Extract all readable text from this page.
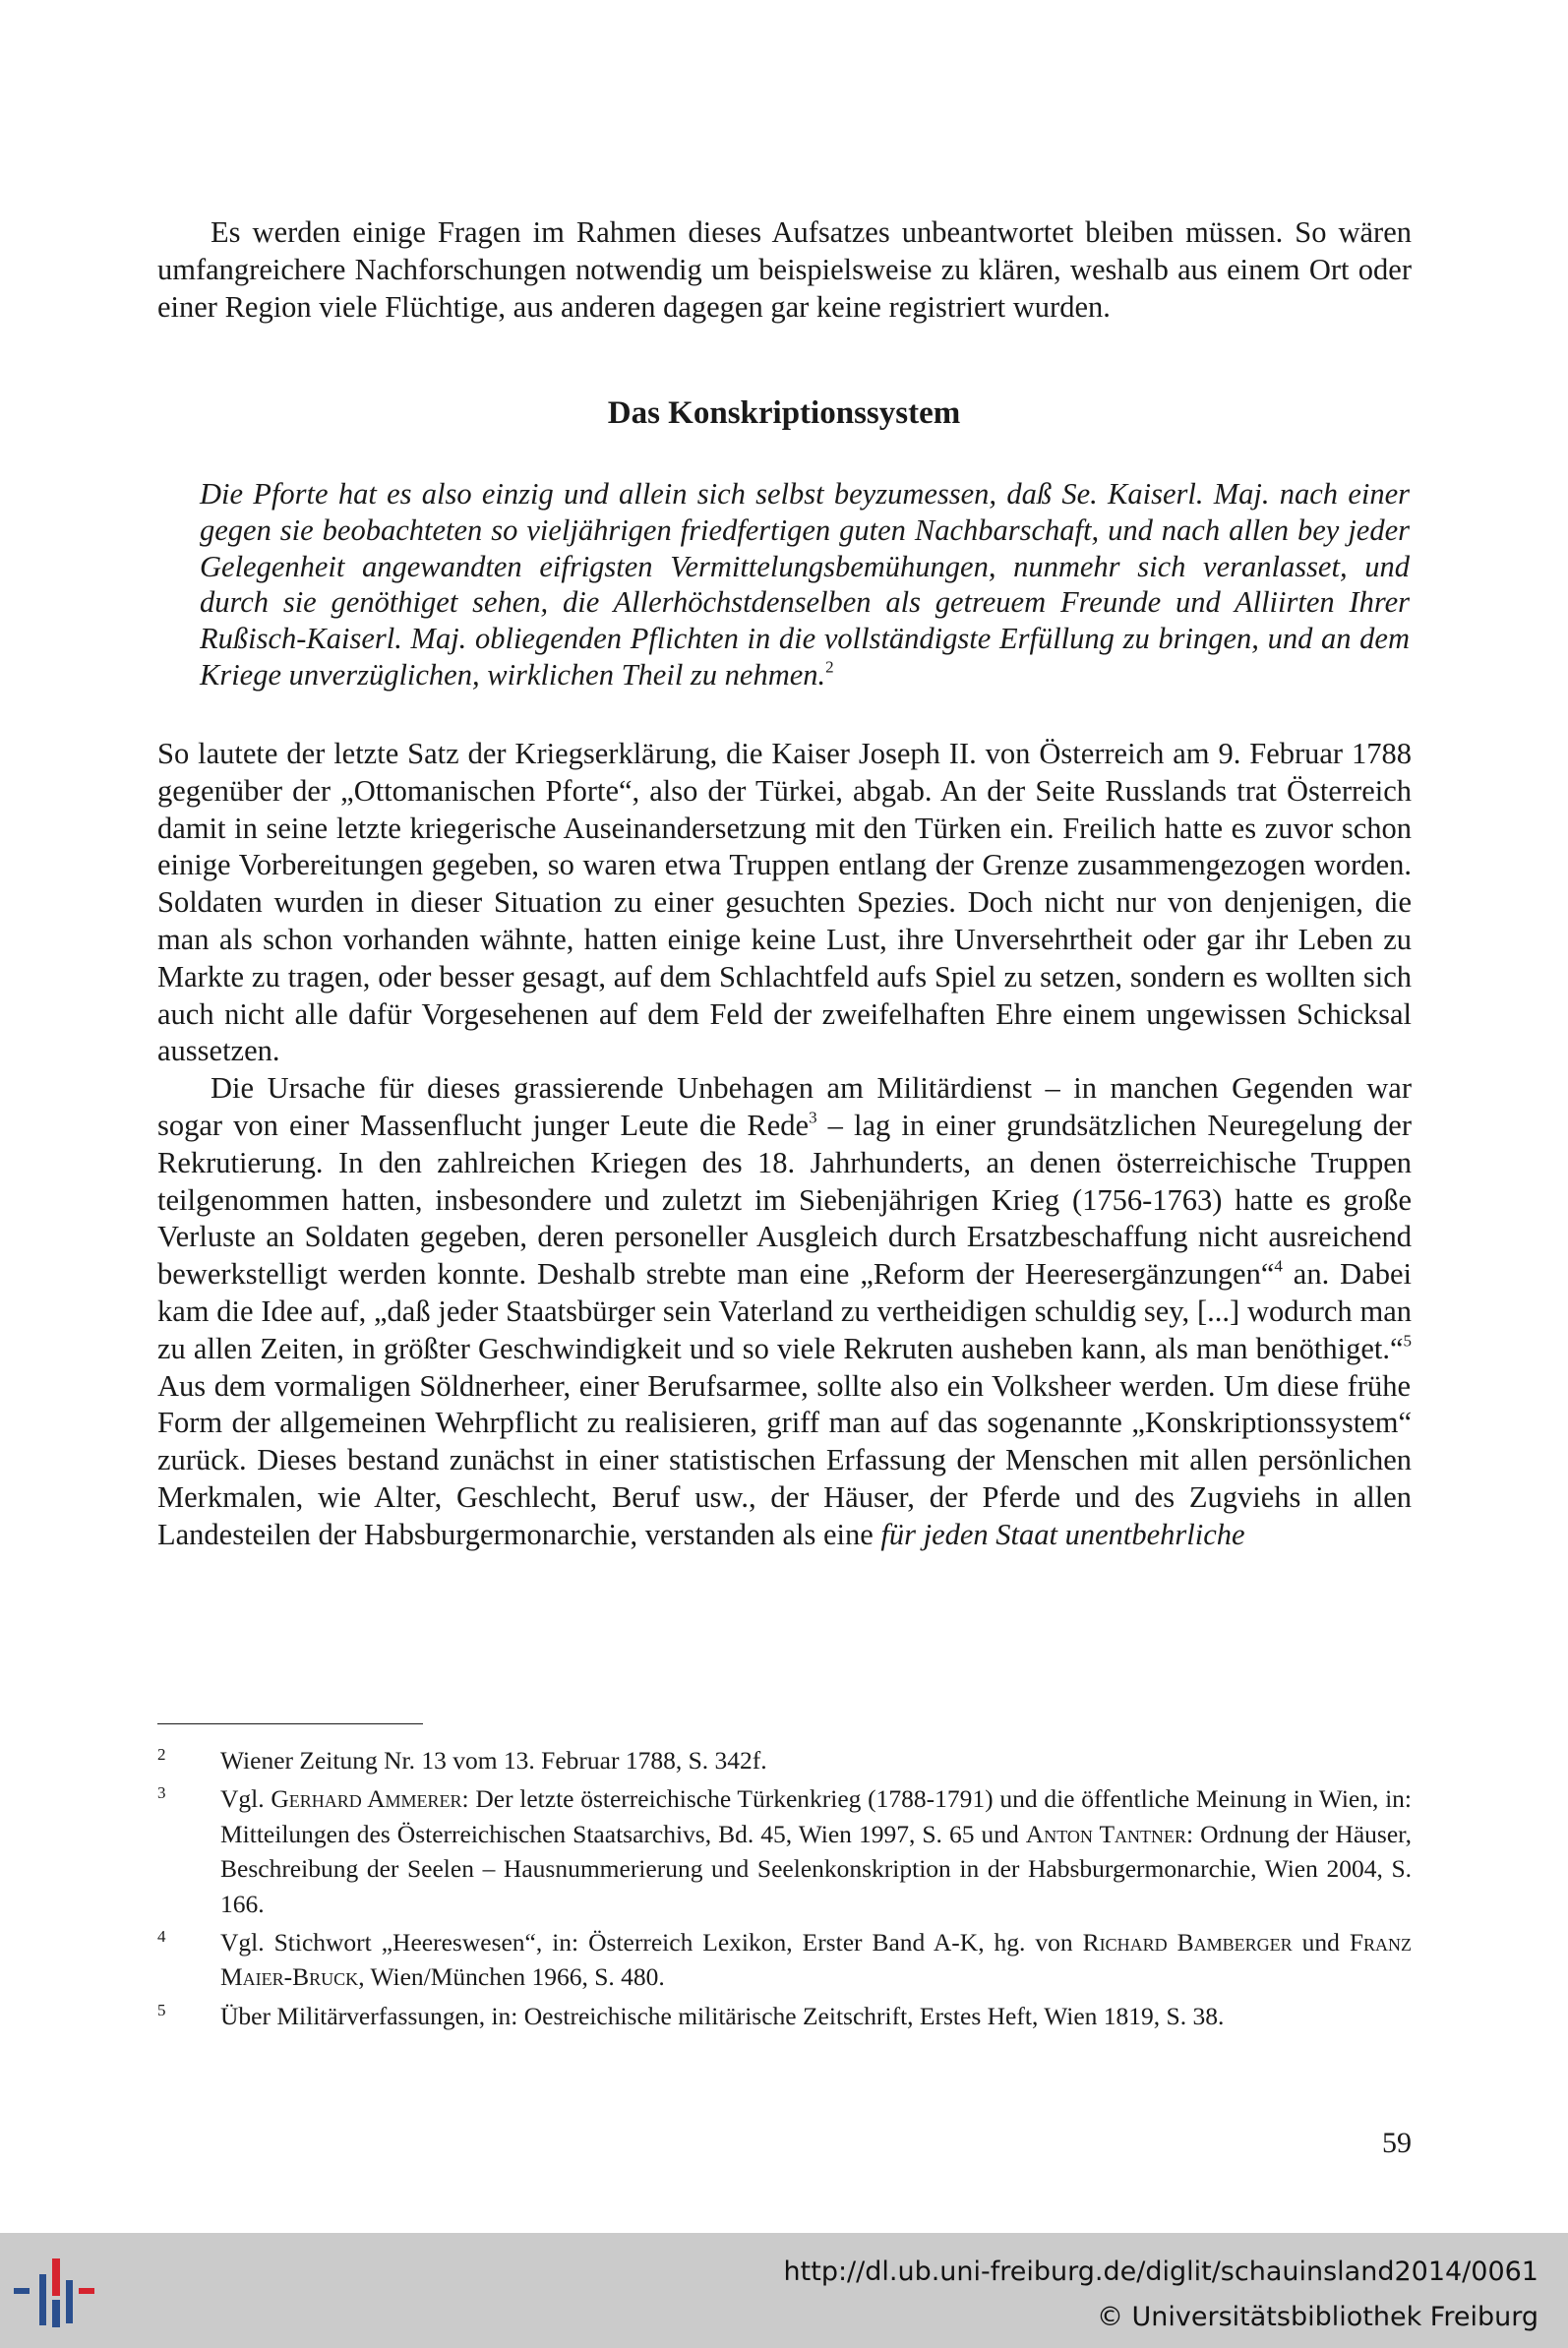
Es werden einige Fragen im Rahmen dieses Aufsatzes unbeantwortet bleiben müssen. So wären umfangreichere Nachforschungen notwendig um beispielsweise zu klären, weshalb aus einem Ort oder einer Region viele Flüchtige, aus anderen dagegen gar keine registriert wurden.

Das Konskriptionssystem

Die Pforte hat es also einzig und allein sich selbst beyzumessen, daß Se. Kaiserl. Maj. nach einer gegen sie beobachteten so vieljährigen friedfertigen guten Nachbarschaft, und nach allen bey jeder Gelegenheit angewandten eifrigsten Vermittelungsbemühungen, nunmehr sich veranlasset, und durch sie genöthiget sehen, die Allerhöchstdenselben als getreuem Freunde und Alliirten Ihrer Rußisch-Kaiserl. Maj. obliegenden Pflichten in die vollständigste Erfüllung zu bringen, und an dem Kriege unverzüglichen, wirklichen Theil zu nehmen.$^2$

So lautete der letzte Satz der Kriegserklärung, die Kaiser Joseph II. von Österreich am 9. Februar 1788 gegenüber der „Ottomanischen Pforte“, also der Türkei, abgab. An der Seite Russlands trat Österreich damit in seine letzte kriegerische Auseinandersetzung mit den Türken ein. Freilich hatte es zuvor schon einige Vorbereitungen gegeben, so waren etwa Truppen entlang der Grenze zusammengezogen worden. Soldaten wurden in dieser Situation zu einer gesuchten Spezies. Doch nicht nur von denjenigen, die man als schon vorhanden wähnte, hatten einige keine Lust, ihre Unversehrtheit oder gar ihr Leben zu Markte zu tragen, oder besser gesagt, auf dem Schlachtfeld aufs Spiel zu setzen, sondern es wollten sich auch nicht alle dafür Vorgesehenen auf dem Feld der zweifelhaften Ehre einem ungewissen Schicksal aussetzen.

Die Ursache für dieses grassierende Unbehagen am Militärdienst – in manchen Gegenden war sogar von einer Massenflucht junger Leute die Rede$^3$ – lag in einer grundsätzlichen Neuregelung der Rekrutierung. In den zahlreichen Kriegen des 18. Jahrhunderts, an denen österreichische Truppen teilgenommen hatten, insbesondere und zuletzt im Siebenjährigen Krieg (1756-1763) hatte es große Verluste an Soldaten gegeben, deren personeller Ausgleich durch Ersatzbeschaffung nicht ausreichend bewerkstelligt werden konnte. Deshalb strebte man eine „Reform der Heeresergänzungen“$^4$ an. Dabei kam die Idee auf, „daß jeder Staatsbürger sein Vaterland zu vertheidigen schuldig sey, [...] wodurch man zu allen Zeiten, in größter Geschwindigkeit und so viele Rekruten ausheben kann, als man benöthiget.“$^5$ Aus dem vormaligen Söldnerheer, einer Berufsarmee, sollte also ein Volksheer werden. Um diese frühe Form der allgemeinen Wehrpflicht zu realisieren, griff man auf das sogenannte „Konskriptionssystem“ zurück. Dieses bestand zunächst in einer statistischen Erfassung der Menschen mit allen persönlichen Merkmalen, wie Alter, Geschlecht, Beruf usw., der Häuser, der Pferde und des Zugviehs in allen Landesteilen der Habsburgermonarchie, verstanden als eine für jeden Staat unentbehrliche

2 Wiener Zeitung Nr. 13 vom 13. Februar 1788, S. 342f.

3 Vgl. Gerhard Ammerer: Der letzte österreichische Türkenkrieg (1788-1791) und die öffentliche Meinung in Wien, in: Mitteilungen des Österreichischen Staatsarchivs, Bd. 45, Wien 1997, S. 65 und Anton Tantner: Ordnung der Häuser, Beschreibung der Seelen – Hausnummerierung und Seelenkonskription in der Habsburgermonarchie, Wien 2004, S. 166.

4 Vgl. Stichwort „Heereswesen“, in: Österreich Lexikon, Erster Band A-K, hg. von Richard Bamberger und Franz Maier-Bruck, Wien/München 1966, S. 480.

5 Über Militärverfassungen, in: Oestreichische militärische Zeitschrift, Erstes Heft, Wien 1819, S. 38.

59

http://dl.ub.uni-freiburg.de/diglit/schauinsland2014/0061

© Universitätsbibliothek Freiburg
